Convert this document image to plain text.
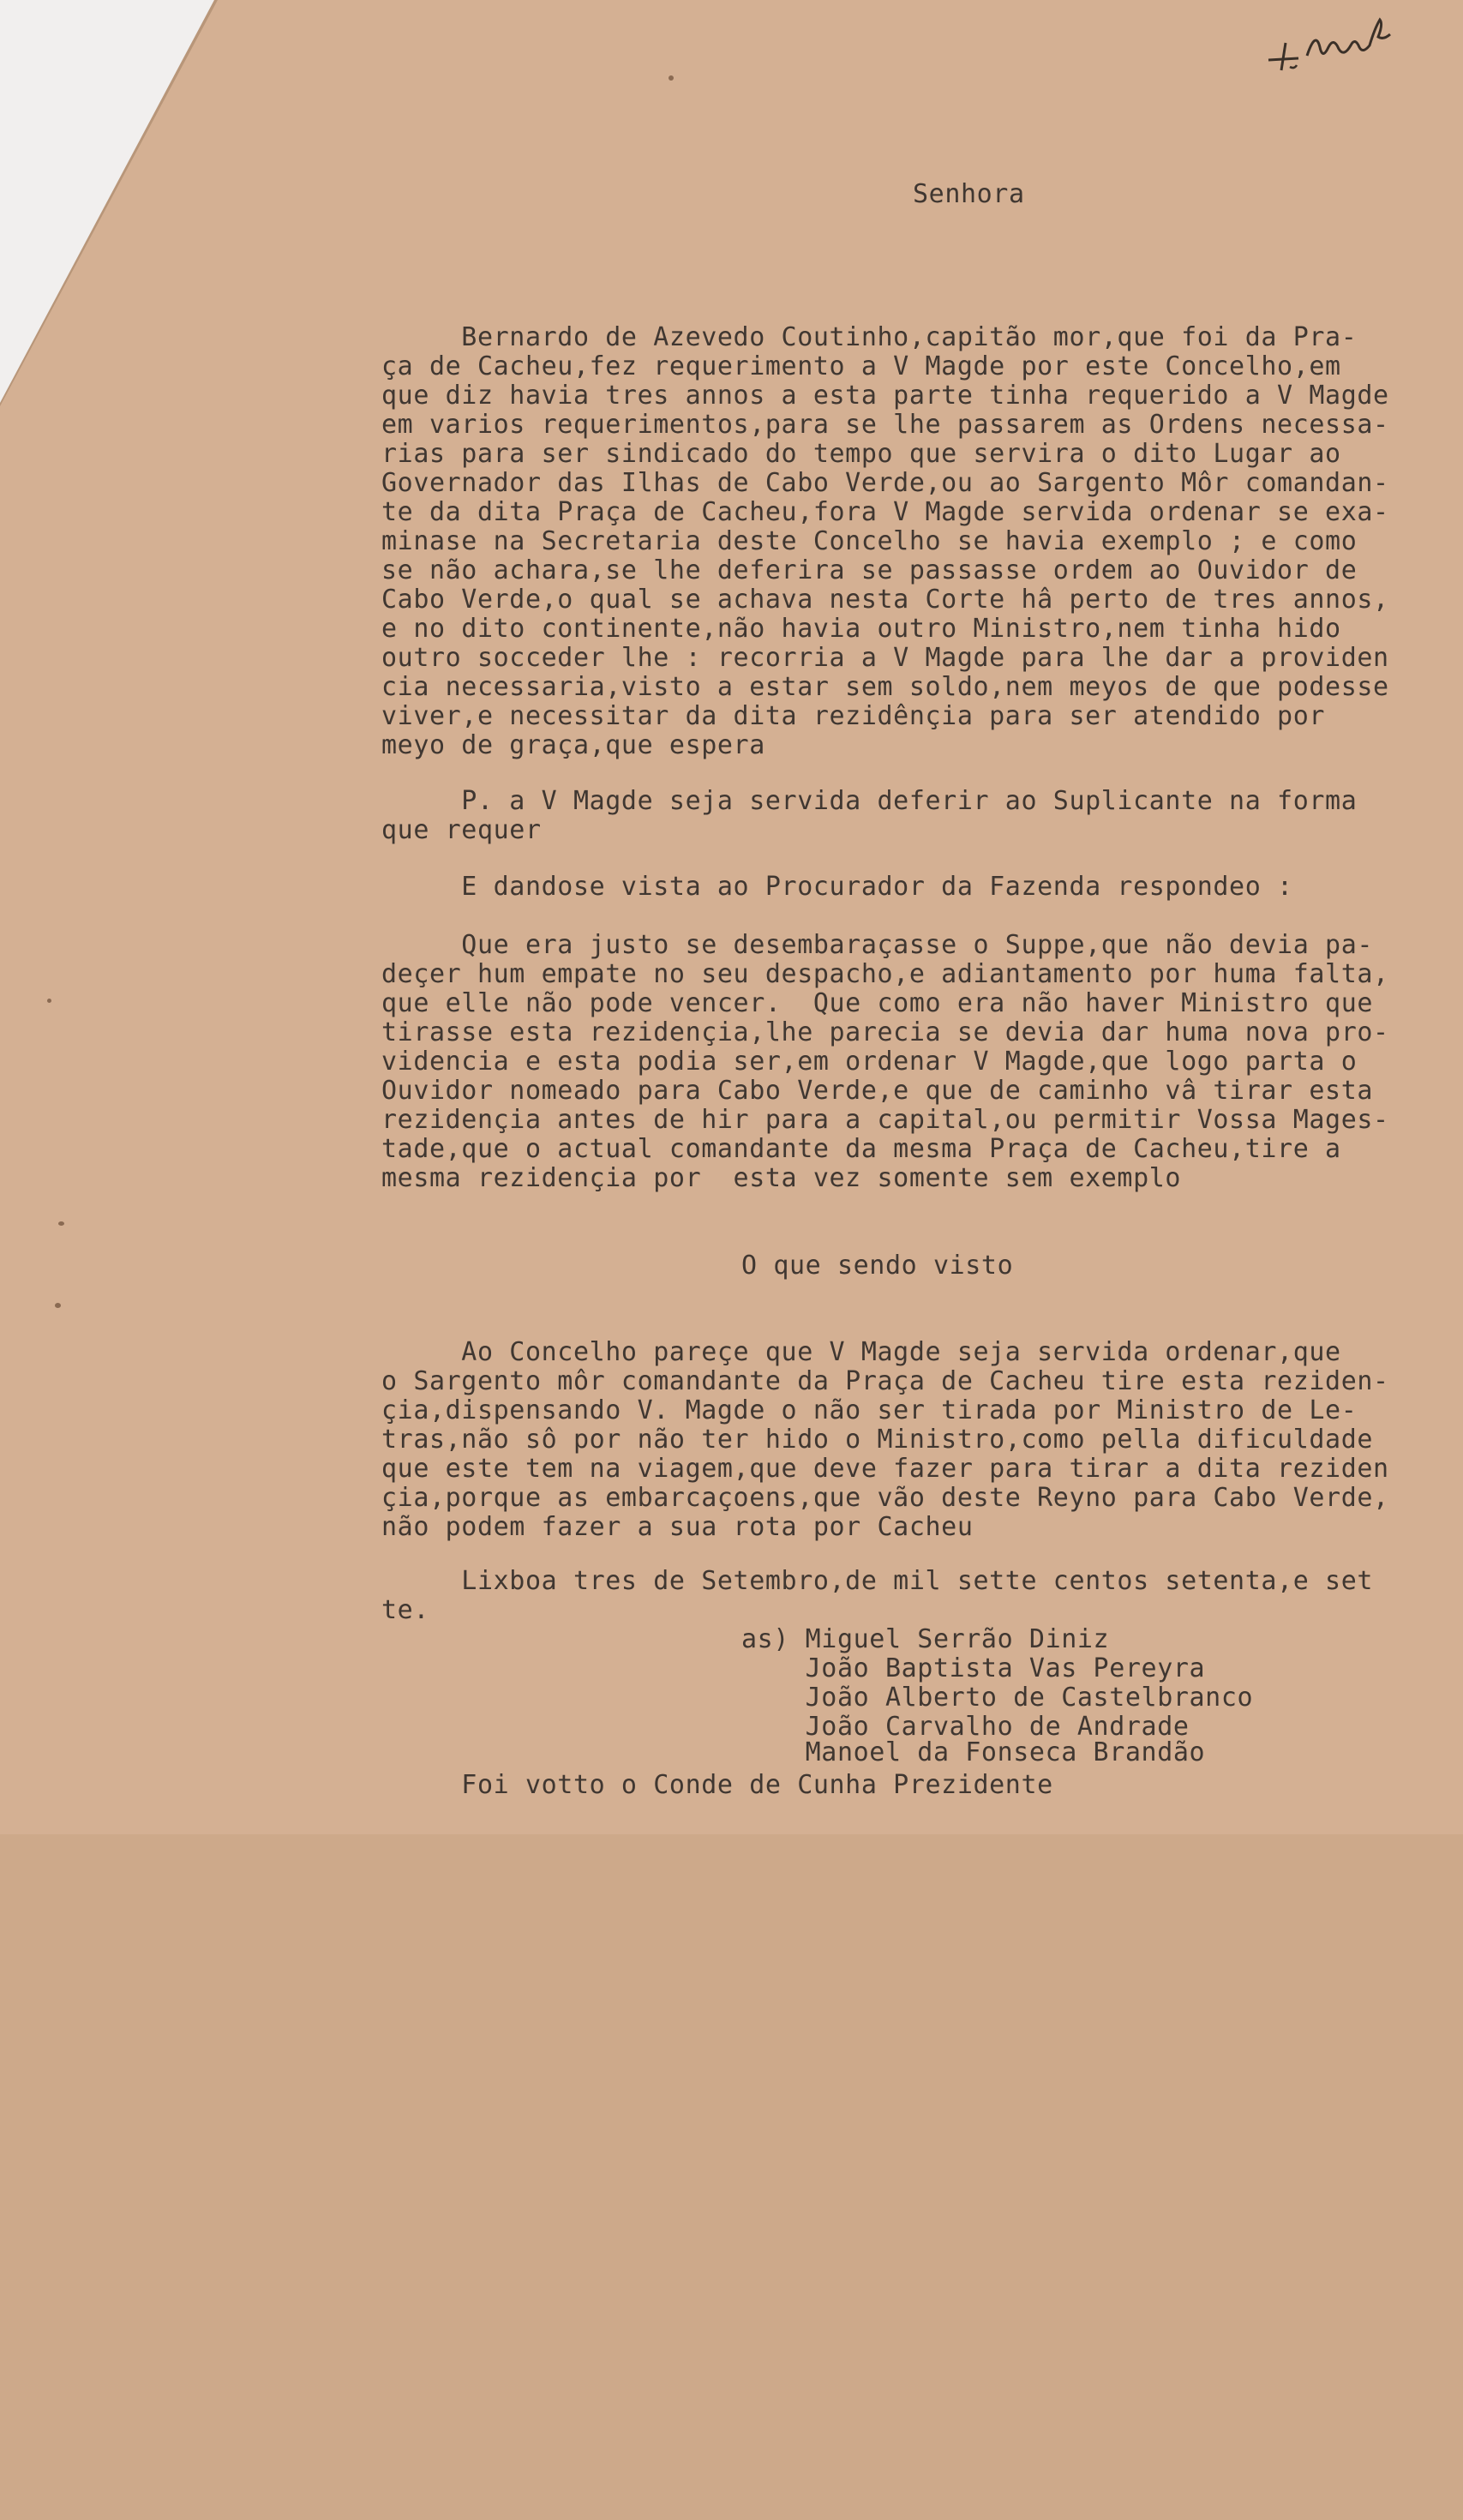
Senhora

Bernardo de Azevedo Coutinho,capitão mor,que foi da Pra-

ça de Cacheu,fez requerimento a V Magde por este Concelho,em

que diz havia tres annos a esta parte tinha requerido a V Magde

em varios requerimentos,para se lhe passarem as Ordens necessa-

rias para ser sindicado do tempo que servira o dito Lugar ao

Governador das Ilhas de Cabo Verde,ou ao Sargento Môr comandan-

te da dita Praça de Cacheu,fora V Magde servida ordenar se exa-

minase na Secretaria deste Concelho se havia exemplo ; e como

se não achara,se lhe deferira se passasse ordem ao Ouvidor de

Cabo Verde,o qual se achava nesta Corte hâ perto de tres annos,

e no dito continente,não havia outro Ministro,nem tinha hido

outro socceder lhe : recorria a V Magde para lhe dar a providen

cia necessaria,visto a estar sem soldo,nem meyos de que podesse

viver,e necessitar da dita rezidênçia para ser atendido por

meyo de graça,que espera

P. a V Magde seja servida deferir ao Suplicante na forma

que requer

E dandose vista ao Procurador da Fazenda respondeo :

Que era justo se desembaraçasse o Suppe,que não devia pa-

deçer hum empate no seu despacho,e adiantamento por huma falta,

que elle não pode vencer.  Que como era não haver Ministro que

tirasse esta rezidençia,lhe parecia se devia dar huma nova pro-

videncia e esta podia ser,em ordenar V Magde,que logo parta o

Ouvidor nomeado para Cabo Verde,e que de caminho vâ tirar esta

rezidençia antes de hir para a capital,ou permitir Vossa Mages-

tade,que o actual comandante da mesma Praça de Cacheu,tire a

mesma rezidençia por  esta vez somente sem exemplo

O que sendo visto

Ao Concelho pareçe que V Magde seja servida ordenar,que

o Sargento môr comandante da Praça de Cacheu tire esta reziden-

çia,dispensando V. Magde o não ser tirada por Ministro de Le-

tras,não sô por não ter hido o Ministro,como pella dificuldade

que este tem na viagem,que deve fazer para tirar a dita reziden

çia,porque as embarcaçoens,que vão deste Reyno para Cabo Verde,

não podem fazer a sua rota por Cacheu

Lixboa tres de Setembro,de mil sette centos setenta,e set

te.

as) Miguel Serrão Diniz

João Baptista Vas Pereyra

João Alberto de Castelbranco

João Carvalho de Andrade

Manoel da Fonseca Brandão

Foi votto o Conde de Cunha Prezidente
